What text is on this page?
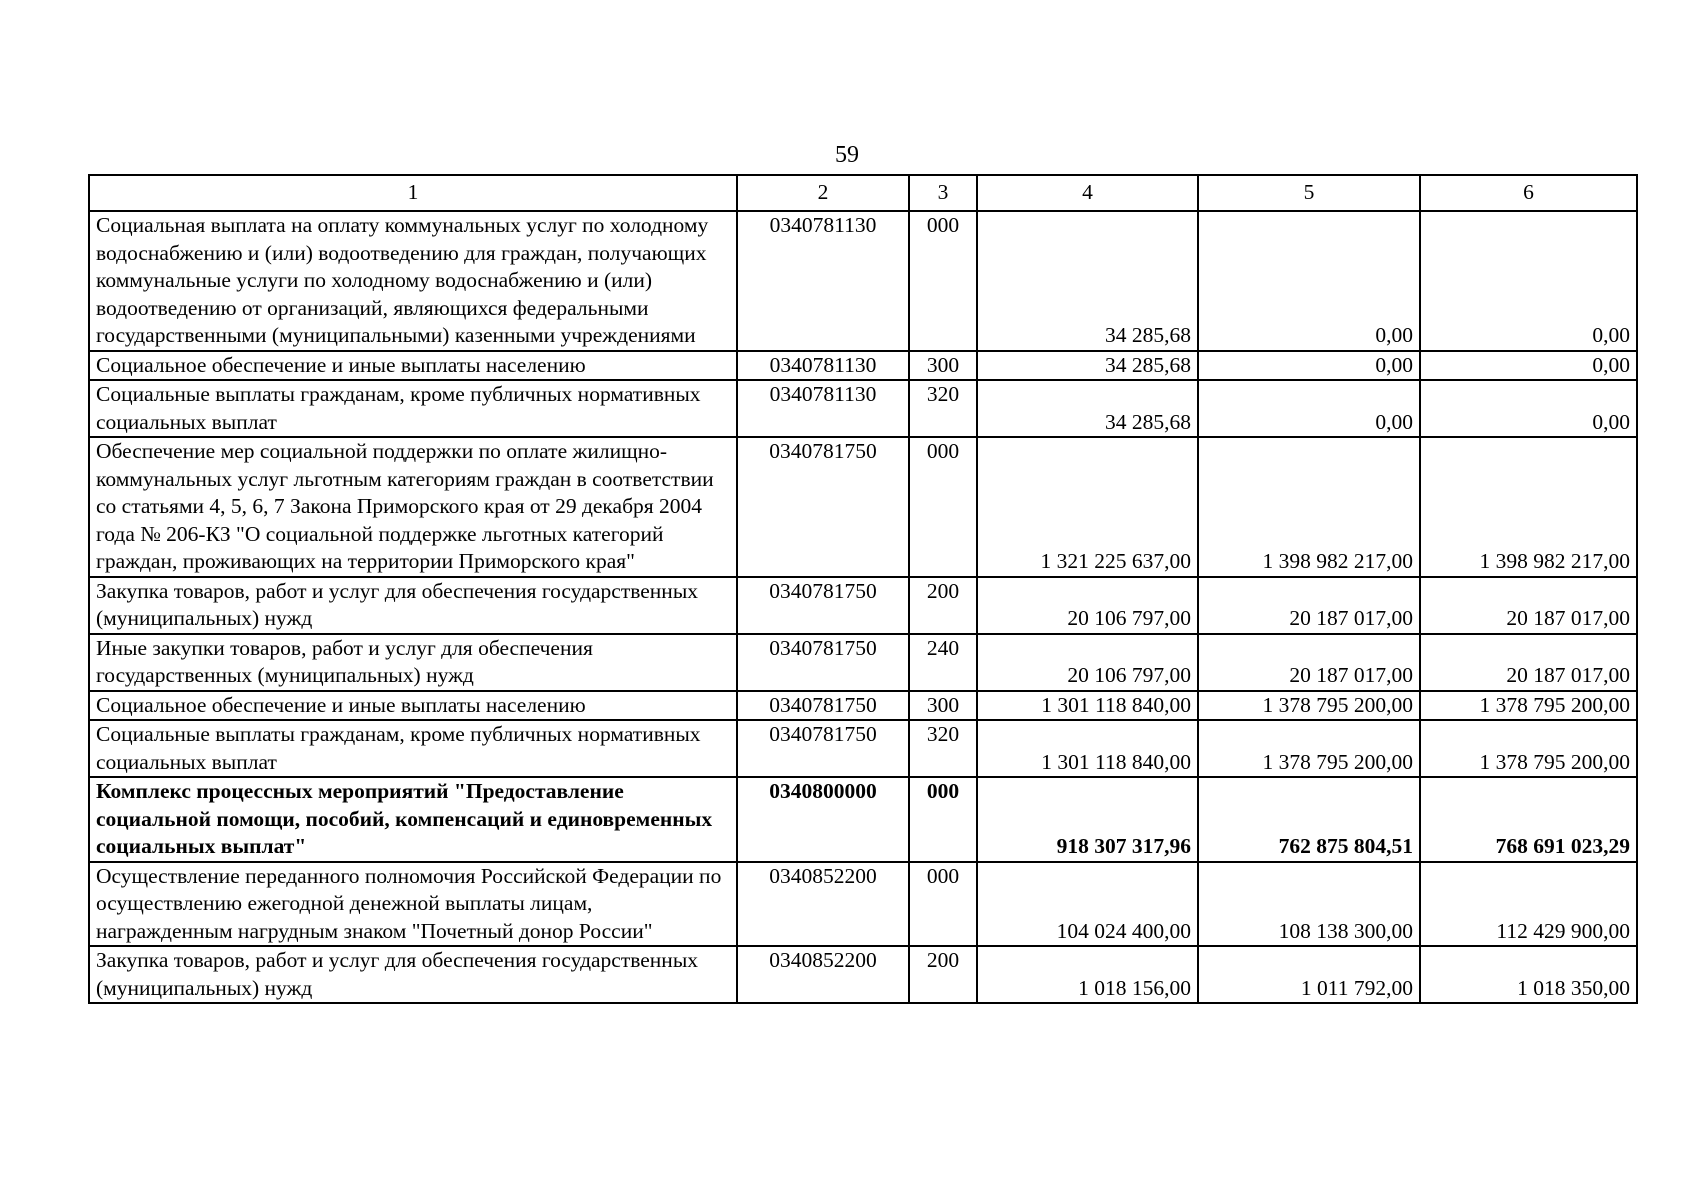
59
1	2	3	4	5	6
Социальная выплата на оплату коммунальных услуг по холодному водоснабжению и (или) водоотведению для граждан, получающих коммунальные услуги по холодному водоснабжению и (или) водоотведению от организаций, являющихся федеральными государственными (муниципальными) казенными учреждениями	0340781130	000	34 285,68	0,00	0,00
Социальное обеспечение и иные выплаты населению	0340781130	300	34 285,68	0,00	0,00
Социальные выплаты гражданам, кроме публичных нормативных социальных выплат	0340781130	320	34 285,68	0,00	0,00
Обеспечение мер социальной поддержки по оплате жилищно-коммунальных услуг льготным категориям граждан в соответствии со статьями 4, 5, 6, 7 Закона Приморского края от 29 декабря 2004 года № 206-КЗ "О социальной поддержке льготных категорий граждан, проживающих на территории Приморского края"	0340781750	000	1 321 225 637,00	1 398 982 217,00	1 398 982 217,00
Закупка товаров, работ и услуг для обеспечения государственных (муниципальных) нужд	0340781750	200	20 106 797,00	20 187 017,00	20 187 017,00
Иные закупки товаров, работ и услуг для обеспечения государственных (муниципальных) нужд	0340781750	240	20 106 797,00	20 187 017,00	20 187 017,00
Социальное обеспечение и иные выплаты населению	0340781750	300	1 301 118 840,00	1 378 795 200,00	1 378 795 200,00
Социальные выплаты гражданам, кроме публичных нормативных социальных выплат	0340781750	320	1 301 118 840,00	1 378 795 200,00	1 378 795 200,00
Комплекс процессных мероприятий "Предоставление социальной помощи, пособий, компенсаций и единовременных социальных выплат"	0340800000	000	918 307 317,96	762 875 804,51	768 691 023,29
Осуществление переданного полномочия Российской Федерации по осуществлению ежегодной денежной выплаты лицам, награжденным нагрудным знаком "Почетный донор России"	0340852200	000	104 024 400,00	108 138 300,00	112 429 900,00
Закупка товаров, работ и услуг для обеспечения государственных (муниципальных) нужд	0340852200	200	1 018 156,00	1 011 792,00	1 018 350,00
